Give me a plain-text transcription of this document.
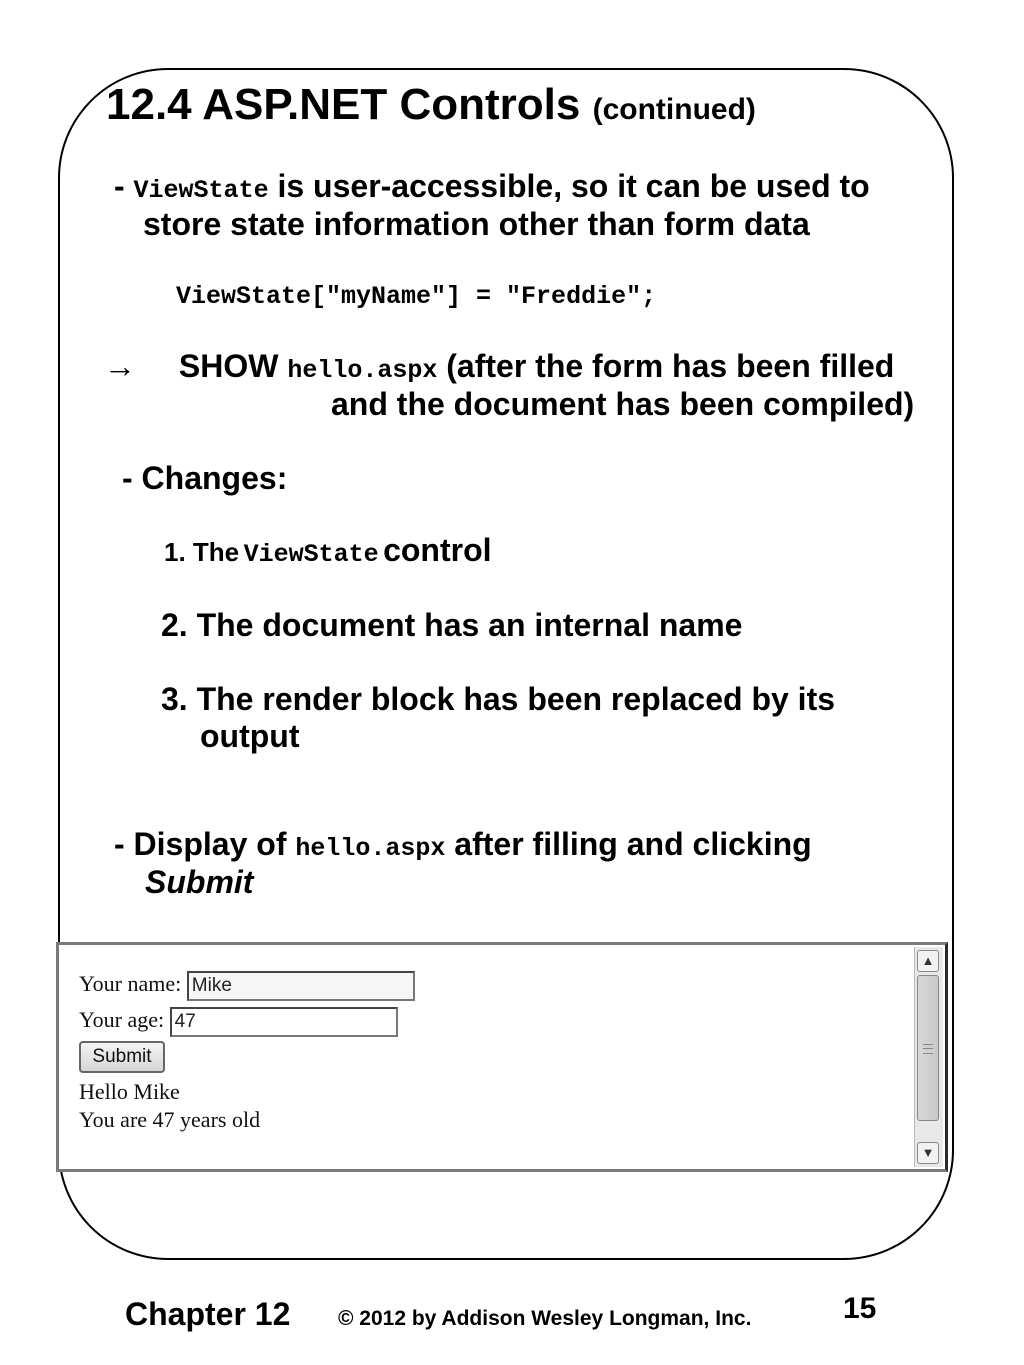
12.4 ASP.NET Controls (continued)
- ViewState is user-accessible, so it can be used to
store state information other than form data
ViewState[″myName″] = ″Freddie″;
→ SHOW hello.aspx (after the form has been filled
and the document has been compiled)
- Changes:
1. The ViewState control
2. The document has an internal name
3. The render block has been replaced by its
output
- Display of hello.aspx after filling and clicking
Submit
Your name: Mike
Your age: 47
Submit
Hello Mike
You are 47 years old
▲
▼
Chapter 12 © 2012 by Addison Wesley Longman, Inc.	15
